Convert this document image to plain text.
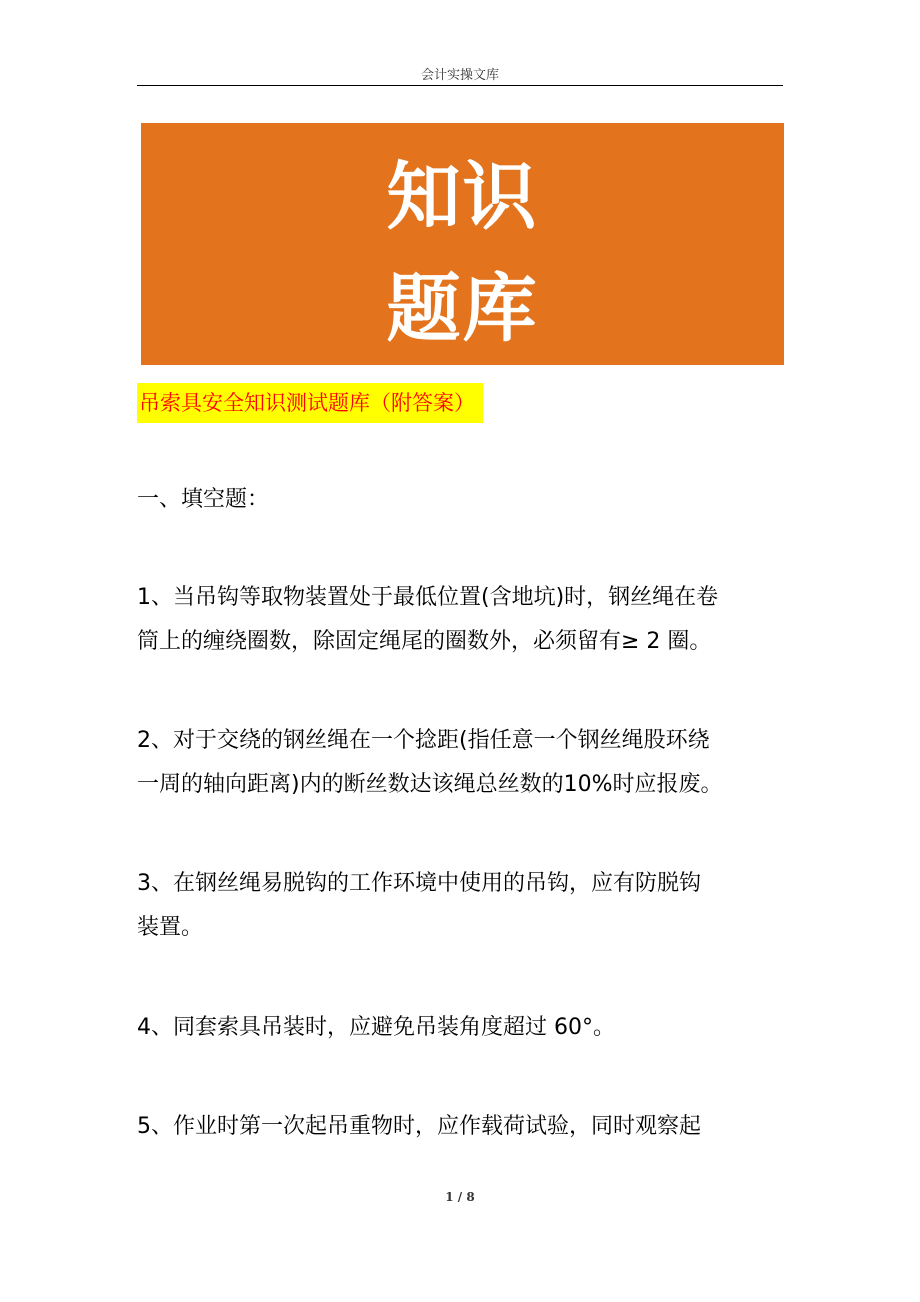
会计实操文库
知识
题库
吊索具安全知识测试题库（附答案）
一、填空题：
1、当吊钩等取物装置处于最低位置(含地坑)时，钢丝绳在卷
筒上的缠绕圈数，除固定绳尾的圈数外，必须留有≥ 2 圈。
2、对于交绕的钢丝绳在一个捻距(指任意一个钢丝绳股环绕
一周的轴向距离)内的断丝数达该绳总丝数的10%时应报废。
3、在钢丝绳易脱钩的工作环境中使用的吊钩，应有防脱钩
装置。
4、同套索具吊装时，应避免吊装角度超过 60°。
5、作业时第一次起吊重物时，应作载荷试验，同时观察起
1 / 8
